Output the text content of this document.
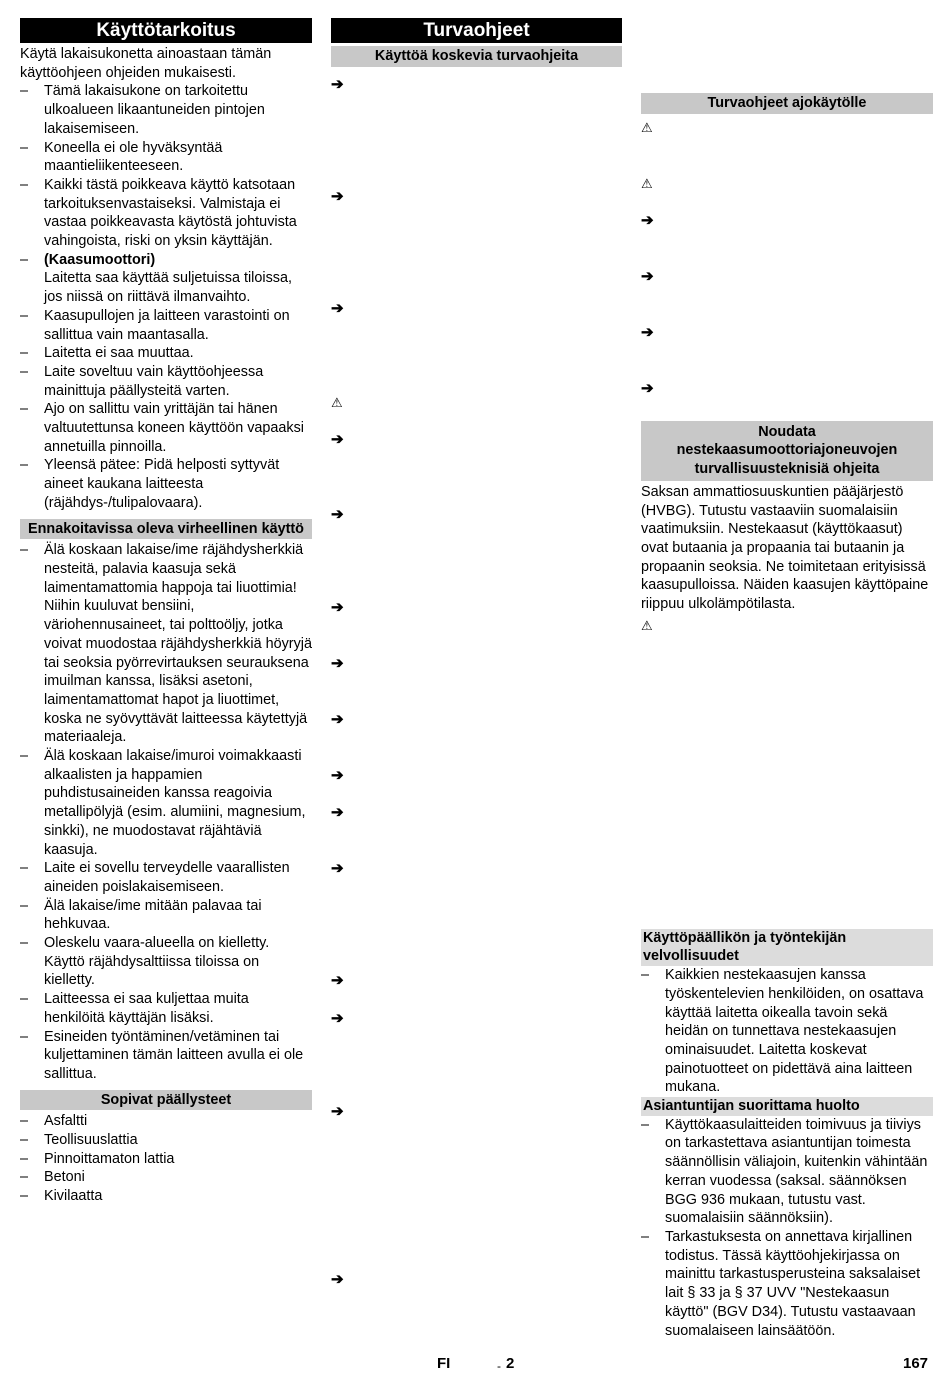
Käyttötarkoitus

Käytä lakaisukonetta ainoastaan tämän käyttöohjeen ohjeiden mukaisesti.

– Tämä lakaisukone on tarkoitettu ulkoalueen likaantuneiden pintojen lakaisemiseen.
– Koneella ei ole hyväksyntää maantieliikenteeseen.
– Kaikki tästä poikkeava käyttö katsotaan tarkoituksenvastaiseksi. Valmistaja ei vastaa poikkeavasta käytöstä johtuvista vahingoista, riski on yksin käyttäjän.
– (Kaasumoottori)
Laitetta saa käyttää suljetuissa tiloissa, jos niissä on riittävä ilmanvaihto.
– Kaasupullojen ja laitteen varastointi on sallittua vain maantasalla.
– Laitetta ei saa muuttaa.
– Laite soveltuu vain käyttöohjeessa mainittuja päällysteitä varten.
– Ajo on sallittu vain yrittäjän tai hänen valtuutettunsa koneen käyttöön vapaaksi annetuilla pinnoilla.
– Yleensä pätee: Pidä helposti syttyvät aineet kaukana laitteesta (räjähdys-/tulipalovaara).
Ennakoitavissa oleva virheellinen käyttö
– Älä koskaan lakaise/ime räjähdysherkkiä nesteitä, palavia kaasuja sekä laimentamattomia happoja tai liuottimia! Niihin kuuluvat bensiini, väriohennusaineet, tai polttoöljy, jotka voivat muodostaa räjähdysherkkiä höyryjä tai seoksia pyörrevirtauksen seurauksena imuilman kanssa, lisäksi asetoni, laimentamattomat hapot ja liuottimet, koska ne syövyttävät laitteessa käytettyjä materiaaleja.
– Älä koskaan lakaise/imuroi voimakkaasti alkaalisten ja happamien puhdistusaineiden kanssa reagoivia metallipölyjä (esim. alumiini, magnesium, sinkki), ne muodostavat räjähtäviä kaasuja.
– Laite ei sovellu terveydelle vaarallisten aineiden poislakaisemiseen.
– Älä lakaise/ime mitään palavaa tai hehkuvaa.
– Oleskelu vaara-alueella on kielletty. Käyttö räjähdysalttiissa tiloissa on kielletty.
– Laitteessa ei saa kuljettaa muita henkilöitä käyttäjän lisäksi.
– Esineiden työntäminen/vetäminen tai kuljettaminen tämän laitteen avulla ei ole sallittua.
Sopivat päällysteet
– Asfaltti
– Teollisuuslattia
– Pinnoittamaton lattia
– Betoni
– Kivilaatta
Turvaohjeet
Käyttöä koskevia turvaohjeita
➔
➔
➔
⚠
➔
➔
➔
➔
➔
➔
➔
➔
➔
➔
➔
➔
Turvaohjeet ajokäytölle
Noudata nestekaasumoottoriajoneuvojen turvallisuusteknisiä ohjeita

Saksan ammattiosuuskuntien pääjärjestö (HVBG). Tutustu vastaaviin suomalaisiin vaatimuksiin. Nestekaasut (käyttökaasut) ovat butaania ja propaania tai butaanin ja propaanin seoksia. Ne toimitetaan erityisissä kaasupulloissa. Näiden kaasujen käyttöpaine riippuu ulkolämpötilasta.

Käyttöpäällikön ja työntekijän velvollisuudet
– Kaikkien nestekaasujen kanssa työskentelevien henkilöiden, on osattava käyttää laitetta oikealla tavoin sekä heidän on tunnettava nestekaasujen ominaisuudet. Laitetta koskevat painotuotteet on pidettävä aina laitteen mukana.
Asiantuntijan suorittama huolto
– Käyttökaasulaitteiden toimivuus ja tiiviys on tarkastettava asiantuntijan toimesta säännöllisin väliajoin, kuitenkin vähintään kerran vuodessa (saksal. säännöksen BGG 936 mukaan, tutustu vast. suomalaisiin säännöksiin).
– Tarkastuksesta on annettava kirjallinen todistus. Tässä käyttöohjekirjassa on mainittu tarkastusperusteina saksalaiset lait § 33 ja § 37 UVV "Nestekaasun käyttö" (BGV D34). Tutustu vastaavaan suomalaiseen lainsäätöön.
⚠
⚠
➔
➔
➔
➔
⚠
FI	- 2	167
